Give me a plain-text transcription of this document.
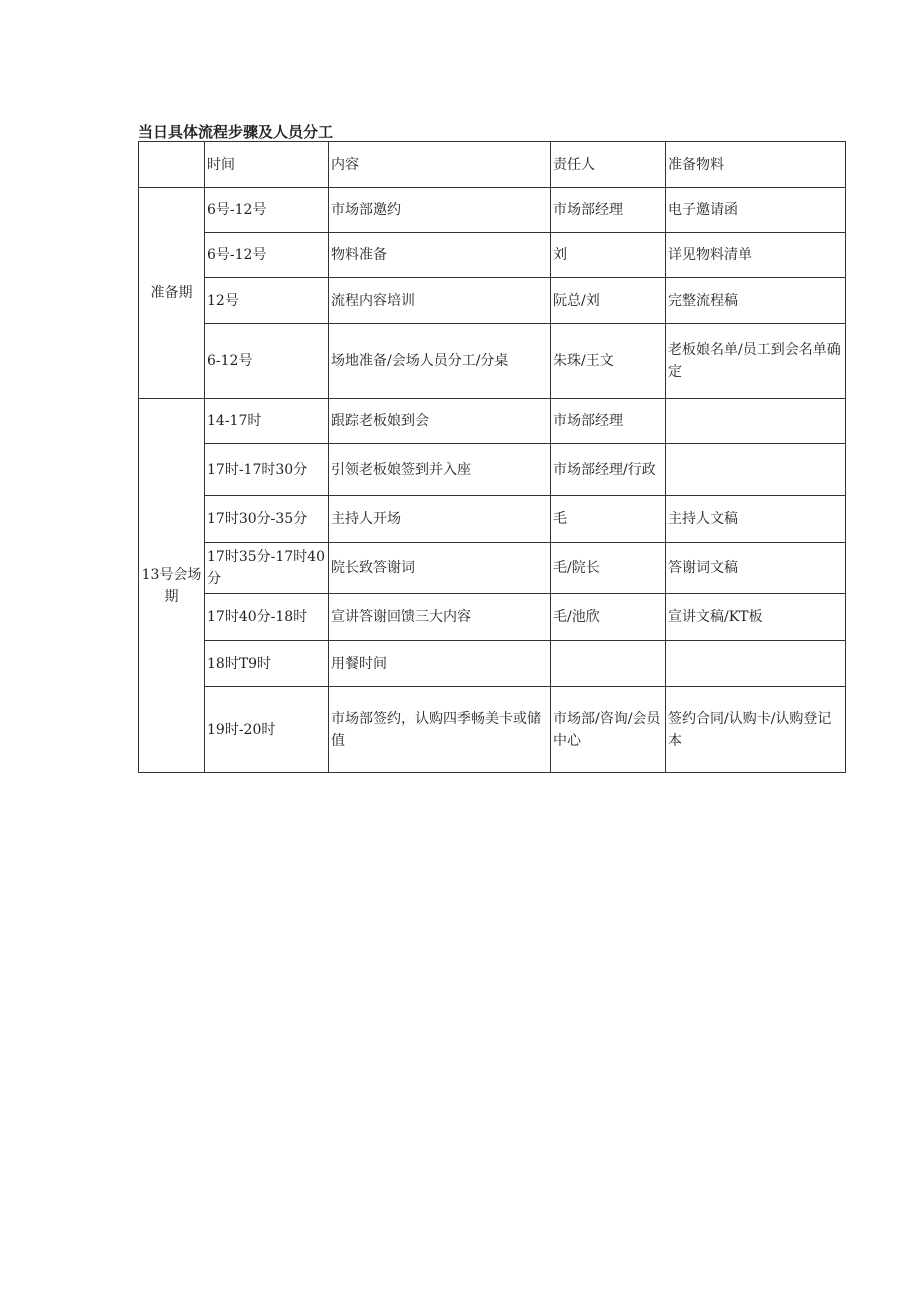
当日具体流程步骤及人员分工
	时间	内容	责任人	准备物料
准备期	6号-12号	市场部邀约	市场部经理	电子邀请函
	6号-12号	物料准备	刘	详见物料清单
	12号	流程内容培训	阮总/刘	完整流程稿
	6-12号	场地准备/会场人员分工/分桌	朱珠/王文	老板娘名单/员工到会名单确定
13号会场期	14-17时	跟踪老板娘到会	市场部经理	
	17时-17时30分	引领老板娘签到并入座	市场部经理/行政	
	17时30分-35分	主持人开场	毛	主持人文稿
	17时35分-17时40分	院长致答谢词	毛/院长	答谢词文稿
	17时40分-18时	宣讲答谢回馈三大内容	毛/池欣	宣讲文稿/KT板
	18时T9时	用餐时间		
	19时-20时	市场部签约，认购四季畅美卡或储值	市场部/咨询/会员中心	签约合同/认购卡/认购登记本
